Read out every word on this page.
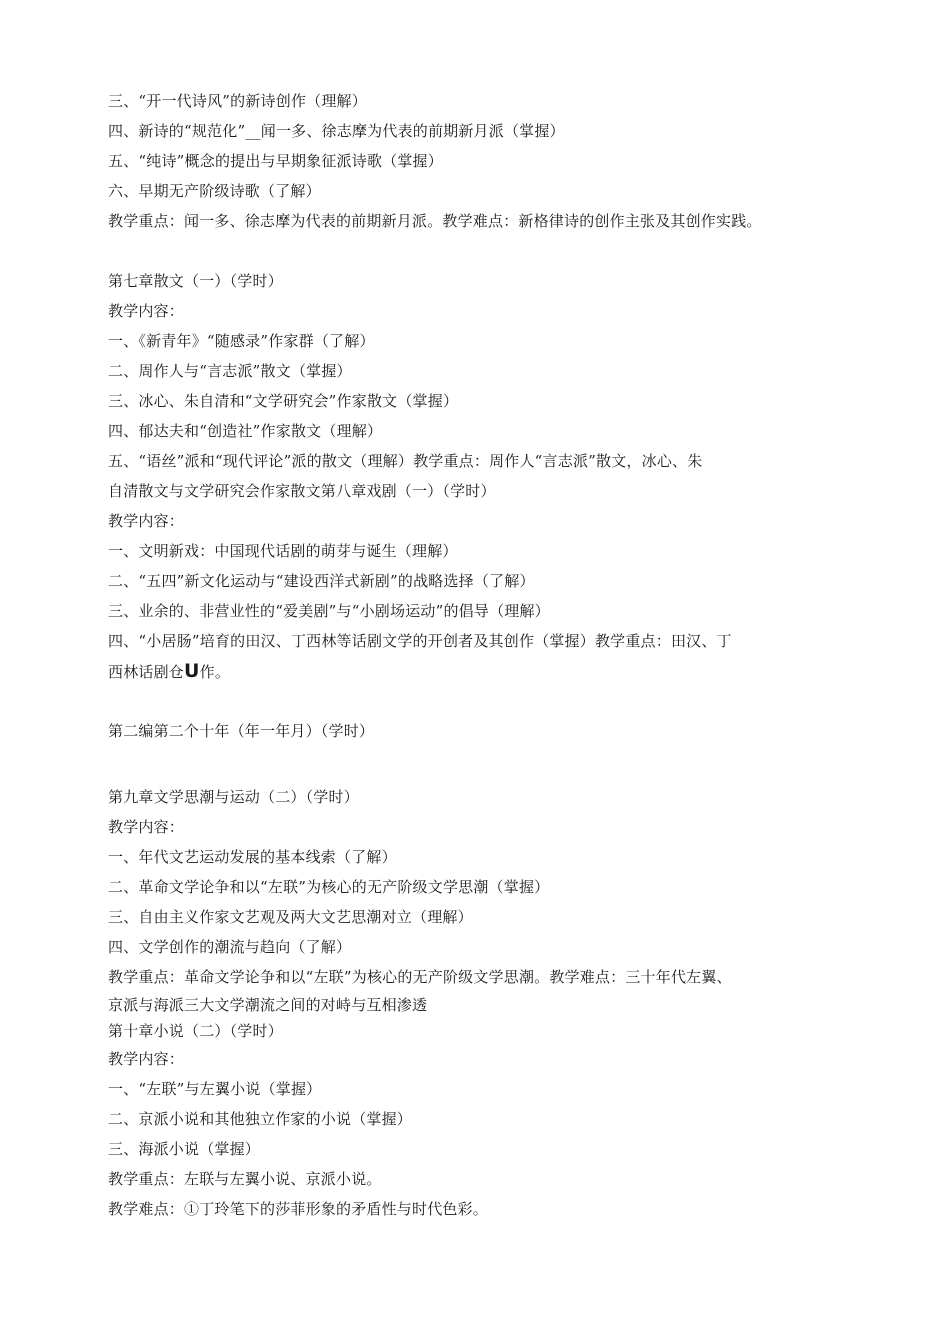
三、“开一代诗风”的新诗创作（理解）
四、新诗的“规范化”__闻一多、徐志摩为代表的前期新月派（掌握）
五、“纯诗”概念的提出与早期象征派诗歌（掌握）
六、早期无产阶级诗歌（了解）
教学重点：闻一多、徐志摩为代表的前期新月派。教学难点：新格律诗的创作主张及其创作实践。
第七章散文（一）（学时）
教学内容：
一、《新青年》“随感录”作家群（了解）
二、周作人与“言志派”散文（掌握）
三、冰心、朱自清和“文学研究会”作家散文（掌握）
四、郁达夫和“创造社”作家散文（理解）
五、“语丝”派和“现代评论”派的散文（理解）教学重点：周作人“言志派”散文，冰心、朱
自清散文与文学研究会作家散文第八章戏剧（一）（学时）
教学内容：
一、文明新戏：中国现代话剧的萌芽与诞生（理解）
二、“五四”新文化运动与“建设西洋式新剧”的战略选择（了解）
三、业余的、非营业性的“爱美剧”与“小剧场运动”的倡导（理解）
四、“小居肠”培育的田汉、丁西林等话剧文学的开创者及其创作（掌握）教学重点：田汉、丁
西林话剧仓U作。
第二编第二个十年（年一年月）（学时）
第九章文学思潮与运动（二）（学时）
教学内容：
一、年代文艺运动发展的基本线索（了解）
二、革命文学论争和以“左联”为核心的无产阶级文学思潮（掌握）
三、自由主义作家文艺观及两大文艺思潮对立（理解）
四、文学创作的潮流与趋向（了解）
教学重点：革命文学论争和以“左联”为核心的无产阶级文学思潮。教学难点：三十年代左翼、
京派与海派三大文学潮流之间的对峙与互相渗透
第十章小说（二）（学时）
教学内容：
一、“左联”与左翼小说（掌握）
二、京派小说和其他独立作家的小说（掌握）
三、海派小说（掌握）
教学重点：左联与左翼小说、京派小说。
教学难点：①丁玲笔下的莎菲形象的矛盾性与时代色彩。
